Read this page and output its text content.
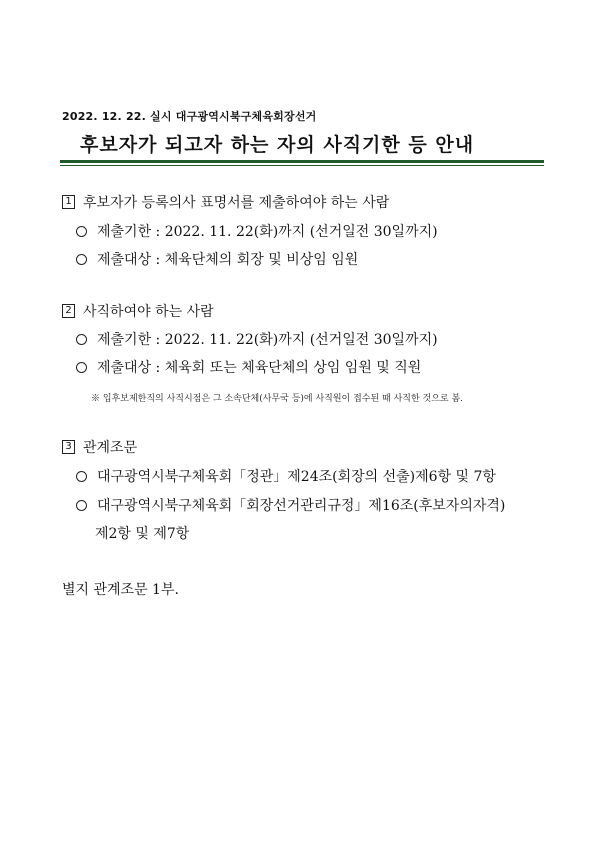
2022. 12. 22. 실시 대구광역시북구체육회장선거
후보자가 되고자 하는 자의 사직기한 등 안내
1 후보자가 등록의사 표명서를 제출하여야 하는 사람
제출기한 : 2022. 11. 22(화)까지 (선거일전 30일까지)
제출대상 : 체육단체의 회장 및 비상임 임원
2 사직하여야 하는 사람
제출기한 : 2022. 11. 22(화)까지 (선거일전 30일까지)
제출대상 : 체육회 또는 체육단체의 상임 임원 및 직원
※ 입후보제한직의 사직시점은 그 소속단체(사무국 등)에 사직원이 접수된 때 사직한 것으로 봄.
3 관계조문
대구광역시북구체육회「정관」제24조(회장의 선출)제6항 및 7항
대구광역시북구체육회「회장선거관리규정」제16조(후보자의자격)
제2항 및 제7항
별지 관계조문 1부.
